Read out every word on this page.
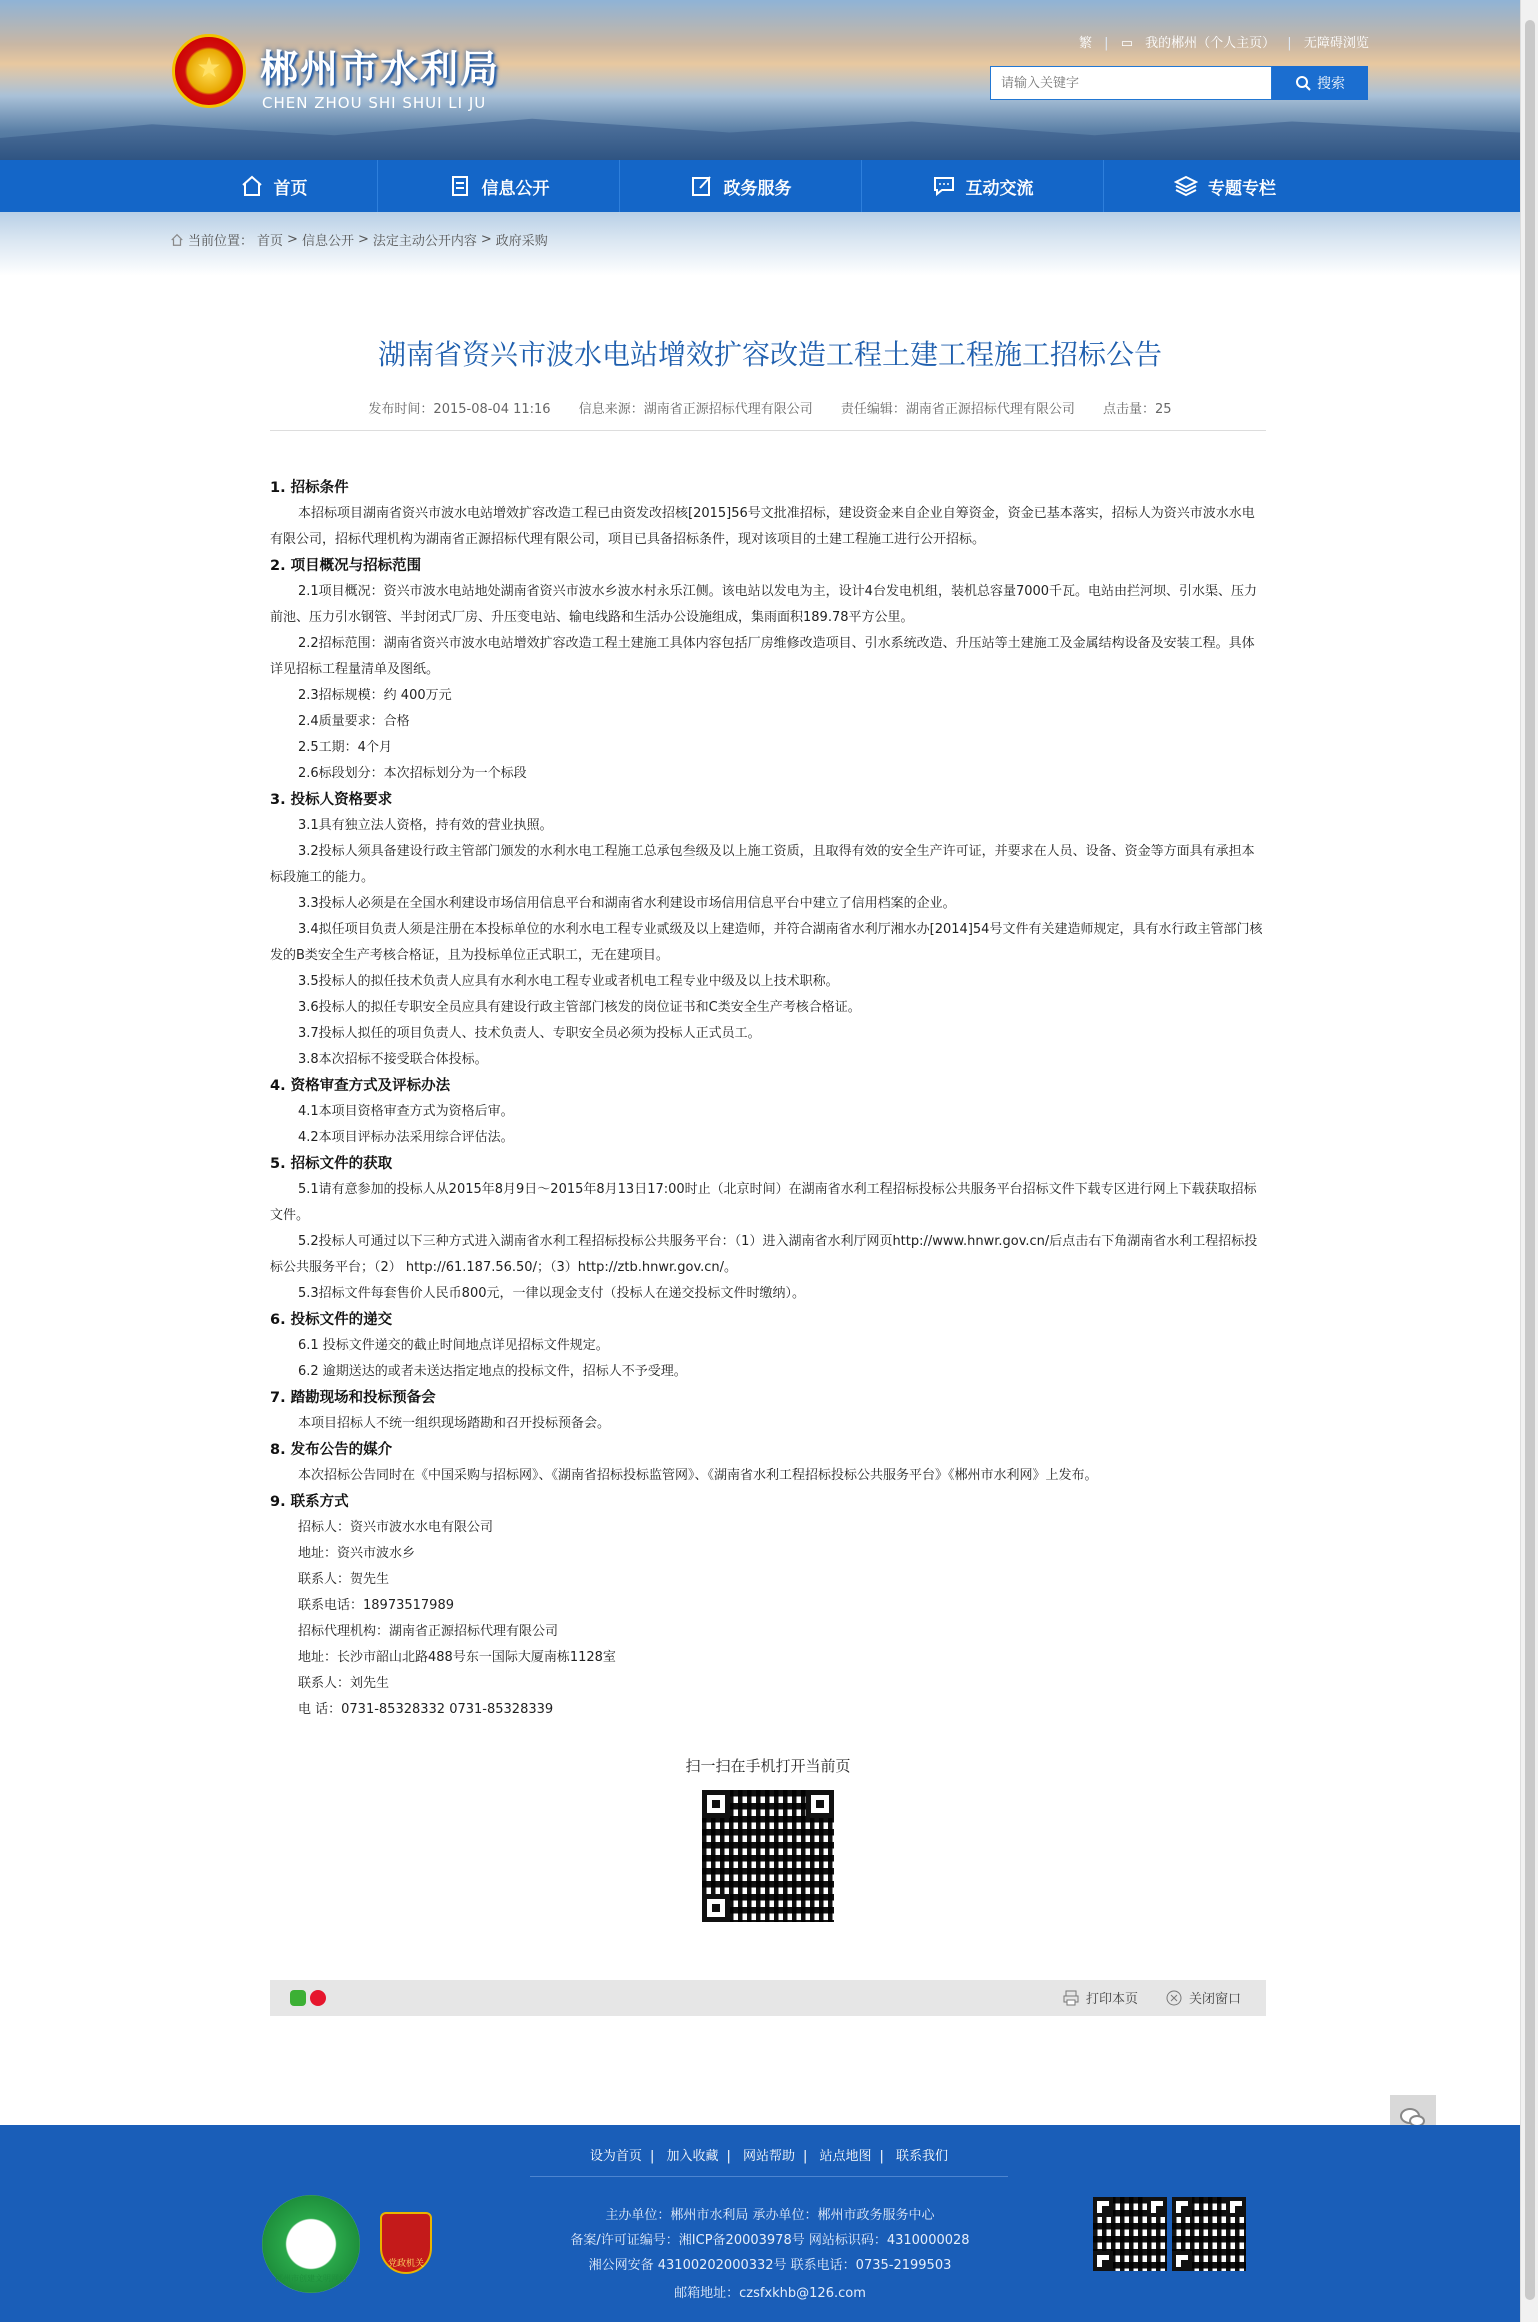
★	郴州市水利局
CHEN ZHOU SHI SHUI LI JU
繁 | ▭ 我的郴州（个人主页） | 无障碍浏览
请输入关键字
搜索
首页	信息公开	政务服务	互动交流	专题专栏
当前位置： 首页 > 信息公开 > 法定主动公开内容 > 政府采购
湖南省资兴市波水电站增效扩容改造工程土建工程施工招标公告
发布时间：2015-08-04 11:16 信息来源：湖南省正源招标代理有限公司 责任编辑：湖南省正源招标代理有限公司 点击量：25
1. 招标条件
本招标项目湖南省资兴市波水电站增效扩容改造工程已由资发改招核[2015]56号文批准招标，建设资金来自企业自筹资金，资金已基本落实，招标人为资兴市波水水电有限公司，招标代理机构为湖南省正源招标代理有限公司，项目已具备招标条件，现对该项目的土建工程施工进行公开招标。
2. 项目概况与招标范围
2.1项目概况：资兴市波水电站地处湖南省资兴市波水乡波水村永乐江侧。该电站以发电为主，设计4台发电机组，装机总容量7000千瓦。电站由拦河坝、引水渠、压力前池、压力引水钢管、半封闭式厂房、升压变电站、输电线路和生活办公设施组成，集雨面积189.78平方公里。
2.2招标范围：湖南省资兴市波水电站增效扩容改造工程土建施工具体内容包括厂房维修改造项目、引水系统改造、升压站等土建施工及金属结构设备及安装工程。具体详见招标工程量清单及图纸。
2.3招标规模：约 400万元
2.4质量要求：合格
2.5工期：4个月
2.6标段划分：本次招标划分为一个标段
3. 投标人资格要求
3.1具有独立法人资格，持有效的营业执照。
3.2投标人须具备建设行政主管部门颁发的水利水电工程施工总承包叁级及以上施工资质，且取得有效的安全生产许可证，并要求在人员、设备、资金等方面具有承担本标段施工的能力。
3.3投标人必须是在全国水利建设市场信用信息平台和湖南省水利建设市场信用信息平台中建立了信用档案的企业。
3.4拟任项目负责人须是注册在本投标单位的水利水电工程专业贰级及以上建造师，并符合湖南省水利厅湘水办[2014]54号文件有关建造师规定，具有水行政主管部门核发的B类安全生产考核合格证，且为投标单位正式职工，无在建项目。
3.5投标人的拟任技术负责人应具有水利水电工程专业或者机电工程专业中级及以上技术职称。
3.6投标人的拟任专职安全员应具有建设行政主管部门核发的岗位证书和C类安全生产考核合格证。
3.7投标人拟任的项目负责人、技术负责人、专职安全员必须为投标人正式员工。
3.8本次招标不接受联合体投标。
4. 资格审查方式及评标办法
4.1本项目资格审查方式为资格后审。
4.2本项目评标办法采用综合评估法。
5. 招标文件的获取
5.1请有意参加的投标人从2015年8月9日～2015年8月13日17:00时止（北京时间）在湖南省水利工程招标投标公共服务平台招标文件下载专区进行网上下载获取招标文件。
5.2投标人可通过以下三种方式进入湖南省水利工程招标投标公共服务平台：（1）进入湖南省水利厅网页http://www.hnwr.gov.cn/后点击右下角湖南省水利工程招标投标公共服务平台；（2） http://61.187.56.50/；（3）http://ztb.hnwr.gov.cn/。
5.3招标文件每套售价人民币800元，一律以现金支付（投标人在递交投标文件时缴纳）。
6. 投标文件的递交
6.1 投标文件递交的截止时间地点详见招标文件规定。
6.2 逾期送达的或者未送达指定地点的投标文件，招标人不予受理。
7. 踏勘现场和投标预备会
本项目招标人不统一组织现场踏勘和召开投标预备会。
8. 发布公告的媒介
本次招标公告同时在《中国采购与招标网》、《湖南省招标投标监管网》、《湖南省水利工程招标投标公共服务平台》《郴州市水利网》上发布。
9. 联系方式
招标人：资兴市波水水电有限公司
地址：资兴市波水乡
联系人：贺先生
联系电话：18973517989
招标代理机构：湖南省正源招标代理有限公司
地址：长沙市韶山北路488号东一国际大厦南栋1128室
联系人：刘先生
电 话：0731-85328332 0731-85328339
扫一扫在手机打开当前页
打印本页	关闭窗口
设为首页 | 加入收藏 | 网站帮助 | 站点地图 | 联系我们
郴州市创建文明网站
党政机关
主办单位：郴州市水利局 承办单位：郴州市政务服务中心
备案/许可证编号：湘ICP备20003978号 网站标识码：4310000028
湘公网安备 43100202000332号 联系电话：0735-2199503
邮箱地址：czsfxkhb@126.com
